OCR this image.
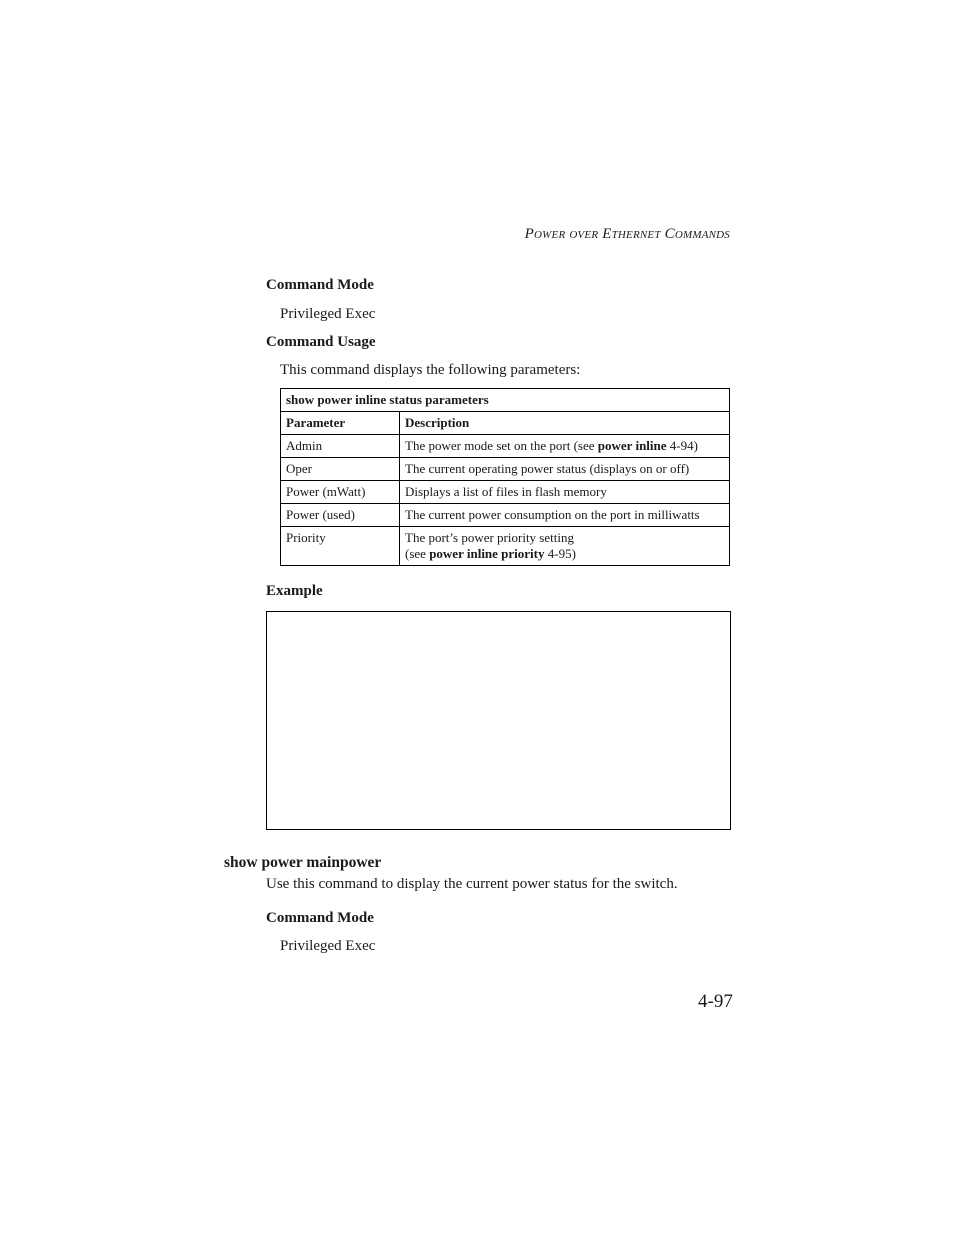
POWER OVER ETHERNET COMMANDS
Command Mode
Privileged Exec
Command Usage
This command displays the following parameters:
show power inline status parameters	
Parameter	Description
Admin	The power mode set on the port (see power inline 4-94)
Oper	The current operating power status (displays on or off)
Power (mWatt)	Displays a list of files in flash memory
Power (used)	The current power consumption on the port in milliwatts
Priority	The port’s power priority setting
(see power inline priority 4-95)
Example
show power mainpower
Use this command to display the current power status for the switch.
Command Mode
Privileged Exec
4-97
